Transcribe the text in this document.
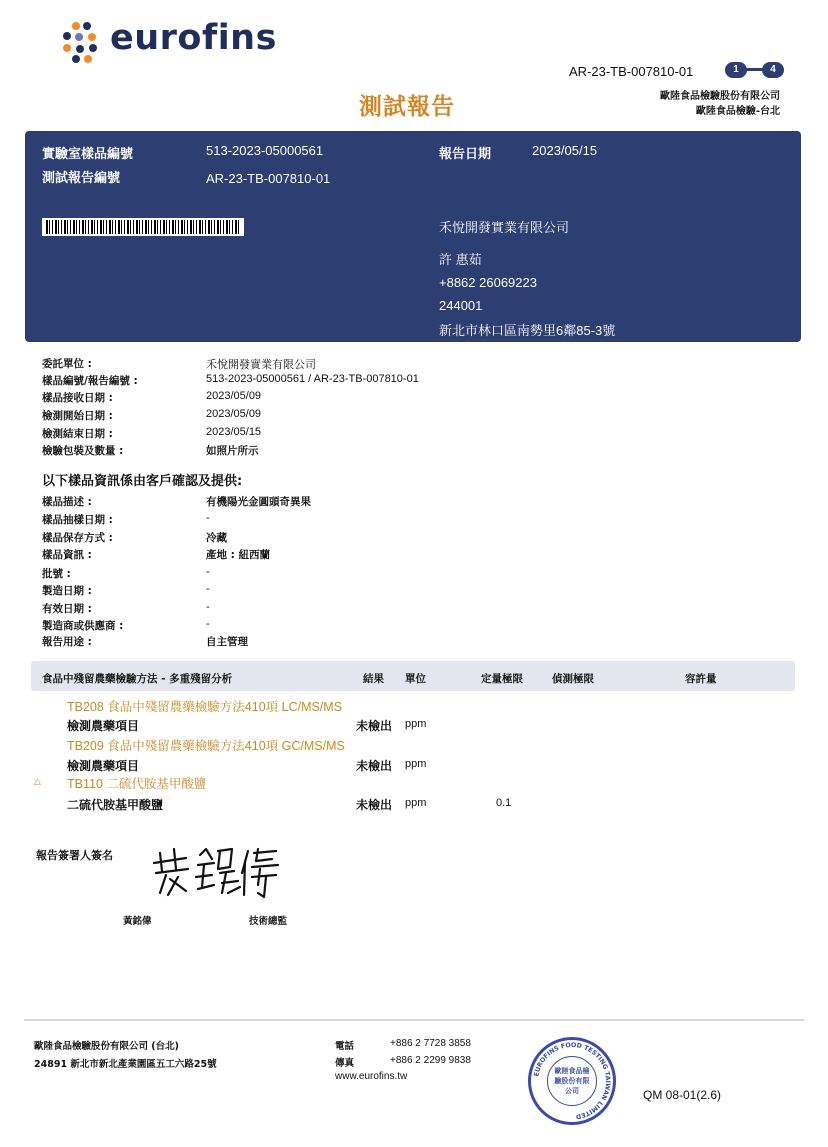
eurofins
AR-23-TB-007810-01	1	4
歐陸食品檢驗股份有限公司
歐陸食品檢驗-台北
測試報告
實驗室樣品編號	513-2023-05000561	報告日期	2023/05/15
測試報告編號	AR-23-TB-007810-01
禾悅開發實業有限公司
許 惠茹
+8862 26069223
244001
新北市林口區南勢里6鄰85-3號
委託單位 :	禾悅開發實業有限公司
樣品編號/報告編號 :	513-2023-05000561 / AR-23-TB-007810-01
樣品接收日期 :	2023/05/09
檢測開始日期 :	2023/05/09
檢測結束日期 :	2023/05/15
檢驗包裝及數量 :	如照片所示
以下樣品資訊係由客戶確認及提供:
樣品描述 :	有機陽光金圓頭奇異果
樣品抽樣日期 :	-
樣品保存方式 :	冷藏
樣品資訊 :	產地 : 紐西蘭
批號 :	-
製造日期 :	-
有效日期 :	-
製造商或供應商 :	-
報告用途 :	自主管理
食品中殘留農藥檢驗方法 - 多重殘留分析	結果 單位	定量極限	偵測極限	容許量
TB208 食品中殘留農藥檢驗方法410項 LC/MS/MS
檢測農藥項目	未檢出 ppm
TB209 食品中殘留農藥檢驗方法410項 GC/MS/MS
檢測農藥項目	未檢出 ppm
△ TB110 二硫代胺基甲酸鹽
二硫代胺基甲酸鹽	未檢出 ppm	0.1
報告簽署人簽名
黃銘偉	技術總監
歐陸食品檢驗股份有限公司 (台北)
24891 新北市新北產業園區五工六路25號
電話	+886 2 7728 3858
傳真	+886 2 2299 9838
www.eurofins.tw	EUROFINS FOOD TESTING TAIWAN LIMITED
歐陸食品檢驗股份有限公司	QM 08-01(2.6)
